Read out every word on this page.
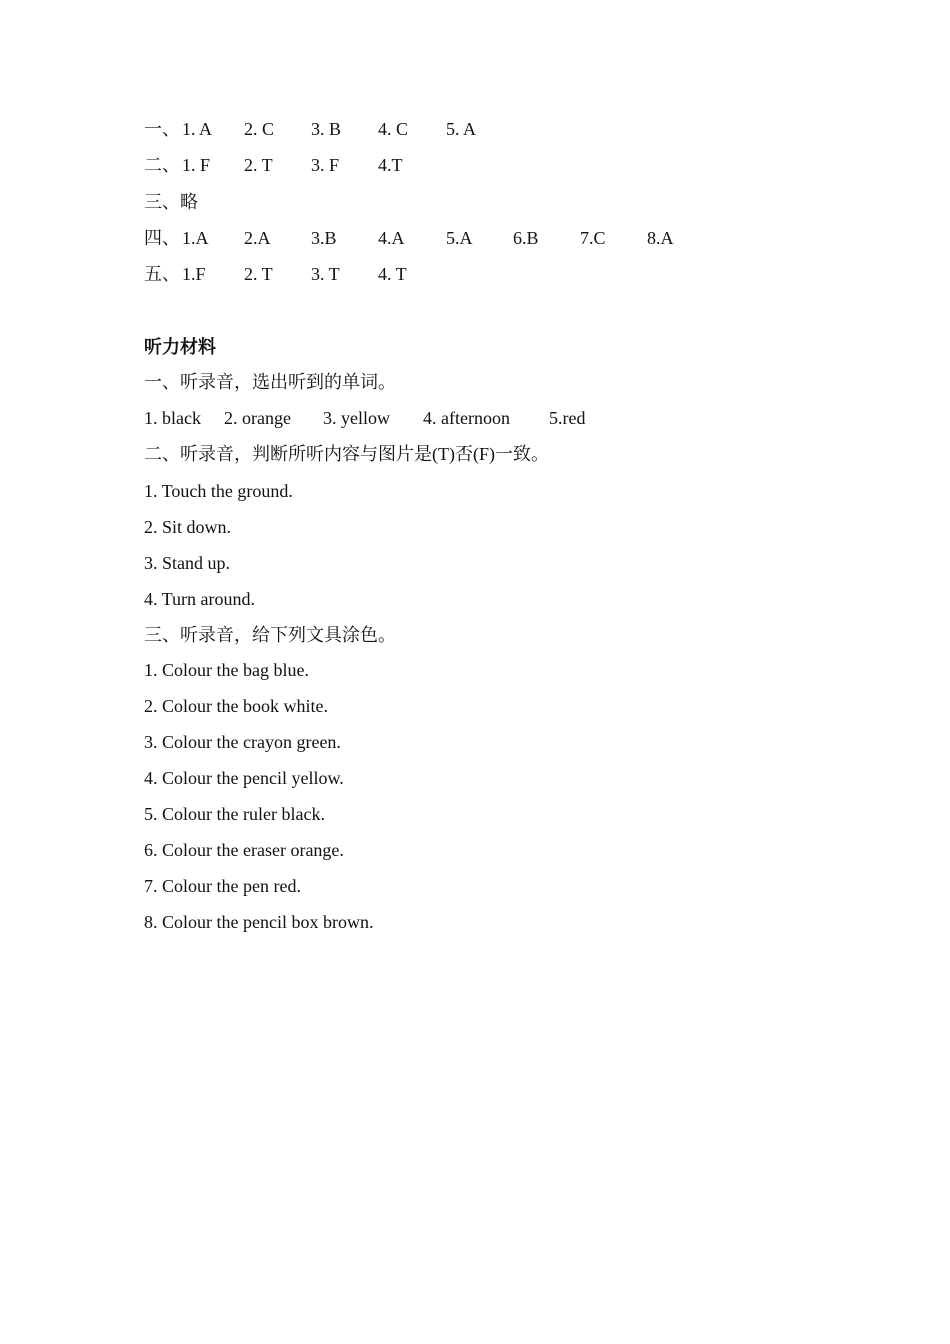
一、 1. A 2. C 3. B 4. C 5. A
二、 1. F 2. T 3. F 4.T
三、略
四、 1.A 2.A 3.B 4.A 5.A 6.B 7.C 8.A
五、 1.F 2. T 3. T 4. T
听力材料
一、听录音，选出听到的单词。
1. black 2. orange 3. yellow 4. afternoon 5.red
二、听录音，判断所听内容与图片是(T)否(F)一致。
1. Touch the ground.
2. Sit down.
3. Stand up.
4. Turn around.
三、听录音，给下列文具涂色。
1. Colour the bag blue.
2. Colour the book white.
3. Colour the crayon green.
4. Colour the pencil yellow.
5. Colour the ruler black.
6. Colour the eraser orange.
7. Colour the pen red.
8. Colour the pencil box brown.
